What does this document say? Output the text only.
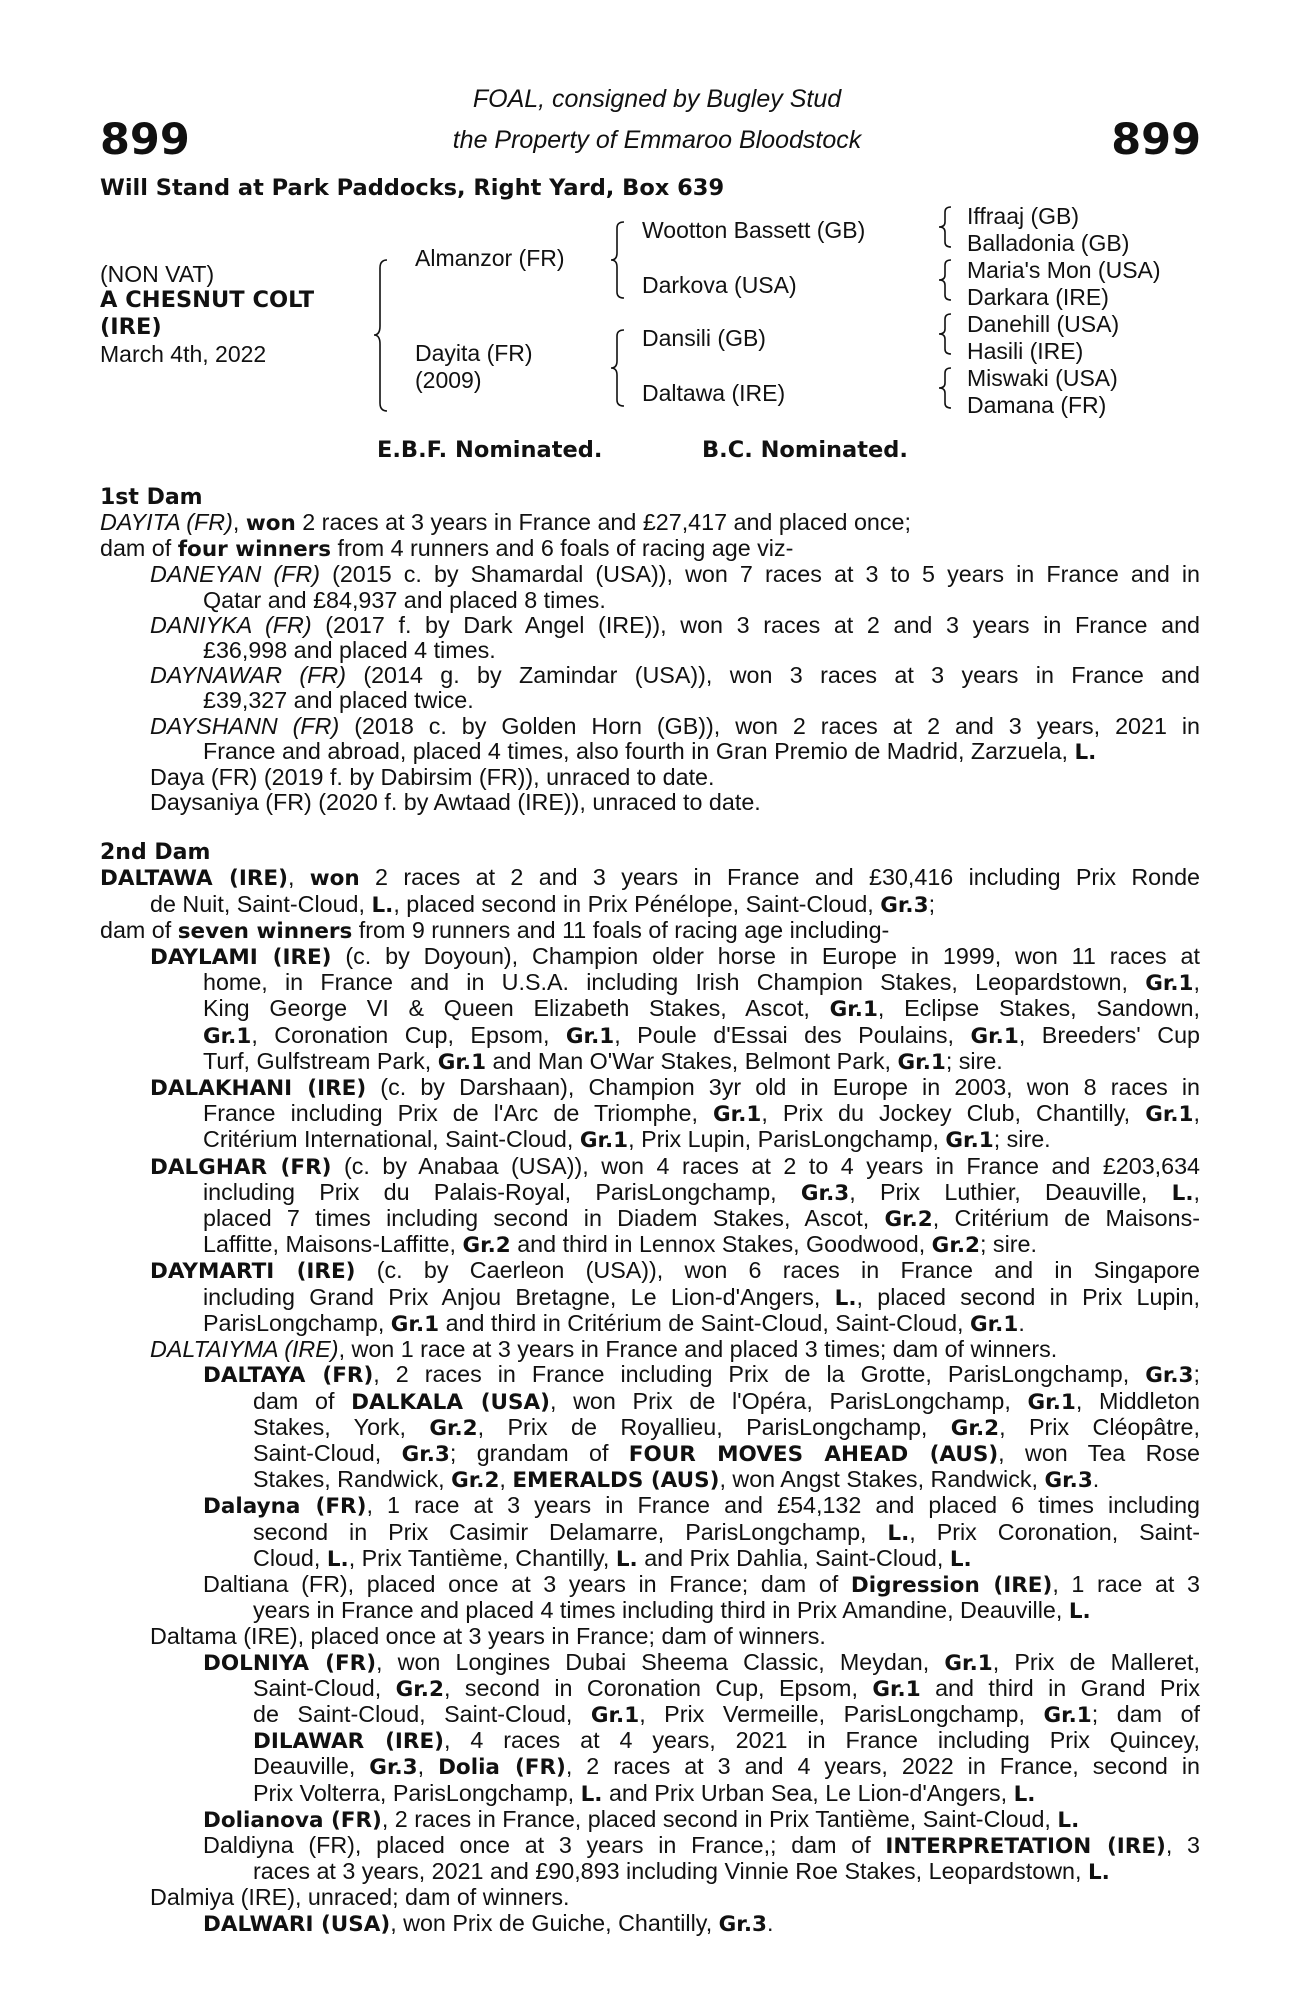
899	899
FOAL, consigned by Bugley Stud
the Property of Emmaroo Bloodstock
Will Stand at Park Paddocks, Right Yard, Box 639
(NON VAT)
A CHESNUT COLT
(IRE)
March 4th, 2022
Almanzor (FR)
Dayita (FR)
(2009)
Wootton Bassett (GB)
Darkova (USA)
Dansili (GB)
Daltawa (IRE)
Iffraaj (GB)
Balladonia (GB)
Maria's Mon (USA)
Darkara (IRE)
Danehill (USA)
Hasili (IRE)
Miswaki (USA)
Damana (FR)
E.B.F. Nominated.	B.C. Nominated.
1st Dam
DAYITA (FR), won 2 races at 3 years in France and £27,417 and placed once;
dam of four winners from 4 runners and 6 foals of racing age viz-
DANEYAN (FR) (2015 c. by Shamardal (USA)), won 7 races at 3 to 5 years in France and in
Qatar and £84,937 and placed 8 times.
DANIYKA (FR) (2017 f. by Dark Angel (IRE)), won 3 races at 2 and 3 years in France and
£36,998 and placed 4 times.
DAYNAWAR (FR) (2014 g. by Zamindar (USA)), won 3 races at 3 years in France and
£39,327 and placed twice.
DAYSHANN (FR) (2018 c. by Golden Horn (GB)), won 2 races at 2 and 3 years, 2021 in
France and abroad, placed 4 times, also fourth in Gran Premio de Madrid, Zarzuela, L.
Daya (FR) (2019 f. by Dabirsim (FR)), unraced to date.
Daysaniya (FR) (2020 f. by Awtaad (IRE)), unraced to date.
2nd Dam
DALTAWA (IRE), won 2 races at 2 and 3 years in France and £30,416 including Prix Ronde
de Nuit, Saint-Cloud, L., placed second in Prix Pénélope, Saint-Cloud, Gr.3;
dam of seven winners from 9 runners and 11 foals of racing age including-
DAYLAMI (IRE) (c. by Doyoun), Champion older horse in Europe in 1999, won 11 races at
home, in France and in U.S.A. including Irish Champion Stakes, Leopardstown, Gr.1,
King George VI & Queen Elizabeth Stakes, Ascot, Gr.1, Eclipse Stakes, Sandown,
Gr.1, Coronation Cup, Epsom, Gr.1, Poule d'Essai des Poulains, Gr.1, Breeders' Cup
Turf, Gulfstream Park, Gr.1 and Man O'War Stakes, Belmont Park, Gr.1; sire.
DALAKHANI (IRE) (c. by Darshaan), Champion 3yr old in Europe in 2003, won 8 races in
France including Prix de l'Arc de Triomphe, Gr.1, Prix du Jockey Club, Chantilly, Gr.1,
Critérium International, Saint-Cloud, Gr.1, Prix Lupin, ParisLongchamp, Gr.1; sire.
DALGHAR (FR) (c. by Anabaa (USA)), won 4 races at 2 to 4 years in France and £203,634
including Prix du Palais-Royal, ParisLongchamp, Gr.3, Prix Luthier, Deauville, L.,
placed 7 times including second in Diadem Stakes, Ascot, Gr.2, Critérium de Maisons-
Laffitte, Maisons-Laffitte, Gr.2 and third in Lennox Stakes, Goodwood, Gr.2; sire.
DAYMARTI (IRE) (c. by Caerleon (USA)), won 6 races in France and in Singapore
including Grand Prix Anjou Bretagne, Le Lion-d'Angers, L., placed second in Prix Lupin,
ParisLongchamp, Gr.1 and third in Critérium de Saint-Cloud, Saint-Cloud, Gr.1.
DALTAIYMA (IRE), won 1 race at 3 years in France and placed 3 times; dam of winners.
DALTAYA (FR), 2 races in France including Prix de la Grotte, ParisLongchamp, Gr.3;
dam of DALKALA (USA), won Prix de l'Opéra, ParisLongchamp, Gr.1, Middleton
Stakes, York, Gr.2, Prix de Royallieu, ParisLongchamp, Gr.2, Prix Cléopâtre,
Saint-Cloud, Gr.3; grandam of FOUR MOVES AHEAD (AUS), won Tea Rose
Stakes, Randwick, Gr.2, EMERALDS (AUS), won Angst Stakes, Randwick, Gr.3.
Dalayna (FR), 1 race at 3 years in France and £54,132 and placed 6 times including
second in Prix Casimir Delamarre, ParisLongchamp, L., Prix Coronation, Saint-
Cloud, L., Prix Tantième, Chantilly, L. and Prix Dahlia, Saint-Cloud, L.
Daltiana (FR), placed once at 3 years in France; dam of Digression (IRE), 1 race at 3
years in France and placed 4 times including third in Prix Amandine, Deauville, L.
Daltama (IRE), placed once at 3 years in France; dam of winners.
DOLNIYA (FR), won Longines Dubai Sheema Classic, Meydan, Gr.1, Prix de Malleret,
Saint-Cloud, Gr.2, second in Coronation Cup, Epsom, Gr.1 and third in Grand Prix
de Saint-Cloud, Saint-Cloud, Gr.1, Prix Vermeille, ParisLongchamp, Gr.1; dam of
DILAWAR (IRE), 4 races at 4 years, 2021 in France including Prix Quincey,
Deauville, Gr.3, Dolia (FR), 2 races at 3 and 4 years, 2022 in France, second in
Prix Volterra, ParisLongchamp, L. and Prix Urban Sea, Le Lion-d'Angers, L.
Dolianova (FR), 2 races in France, placed second in Prix Tantième, Saint-Cloud, L.
Daldiyna (FR), placed once at 3 years in France,; dam of INTERPRETATION (IRE), 3
races at 3 years, 2021 and £90,893 including Vinnie Roe Stakes, Leopardstown, L.
Dalmiya (IRE), unraced; dam of winners.
DALWARI (USA), won Prix de Guiche, Chantilly, Gr.3.
